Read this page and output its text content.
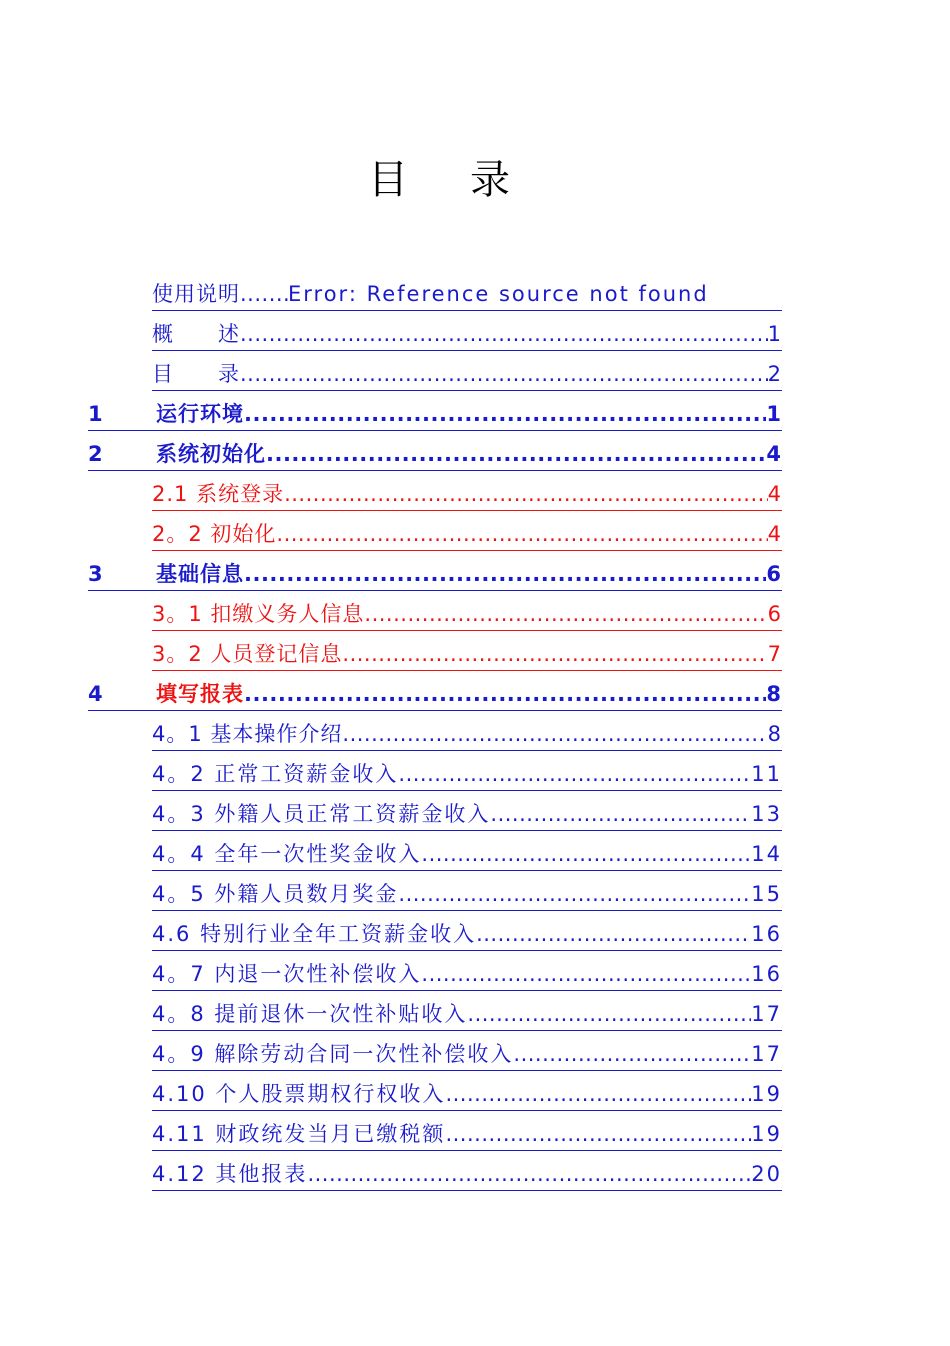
目 录
使用说明 ..... Error: Reference source not found
概　　述 .....	1
目　　录 .....	2
1	运行环境 .....	1
2	系统初始化 .....	4
2.1 系统登录 .....	4
2。2 初始化 .....	4
3	基础信息 .....	6
3。1 扣缴义务人信息 .....	6
3。2 人员登记信息 .....	7
4	填写报表 .....	8
4。1 基本操作介绍 .....	8
4。2 正常工资薪金收入 .....	11
4。3 外籍人员正常工资薪金收入 .....	13
4。4 全年一次性奖金收入 .....	14
4。5 外籍人员数月奖金 .....	15
4.6 特别行业全年工资薪金收入 .....	16
4。7 内退一次性补偿收入 .....	16
4。8 提前退休一次性补贴收入 .....	17
4。9 解除劳动合同一次性补偿收入 .....	17
4.10 个人股票期权行权收入 .....	19
4.11 财政统发当月已缴税额 .....	19
4.12 其他报表 .....	20
